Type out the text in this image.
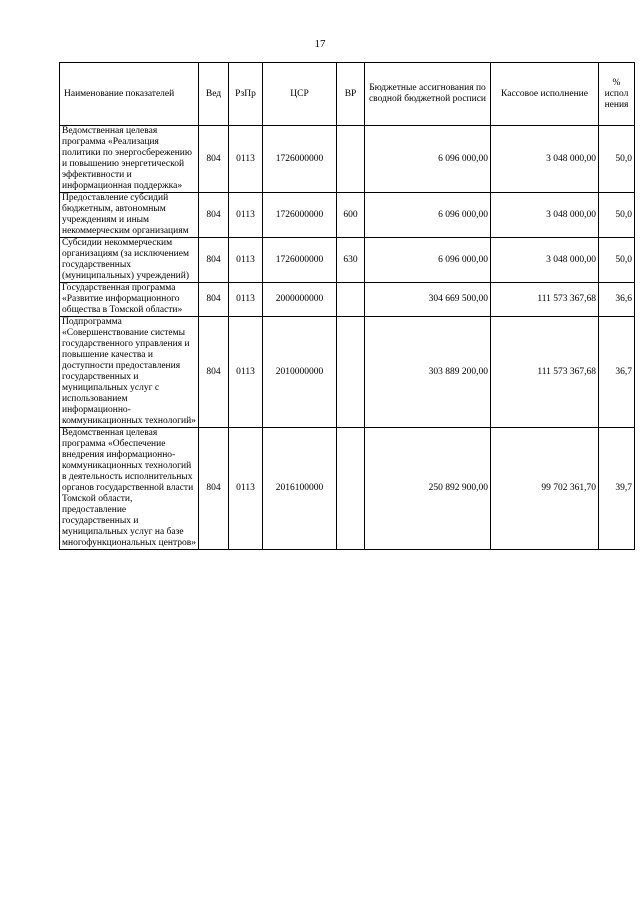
17
Наименование показателей	Вед	РзПр	ЦСР	ВР	Бюджетные ассигнования по сводной бюджетной росписи	Кассовое исполнение	% испол нения
Ведомственная целевая программа «Реализация политики по энергосбережению и повышению энергетической эффективности и информационная поддержка»	804	0113	1726000000		6 096 000,00	3 048 000,00	50,0
Предоставление субсидий бюджетным, автономным учреждениям и иным некоммерческим организациям	804	0113	1726000000	600	6 096 000,00	3 048 000,00	50,0
Субсидии некоммерческим организациям (за исключением государственных (муниципальных) учреждений)	804	0113	1726000000	630	6 096 000,00	3 048 000,00	50,0
Государственная программа «Развитие информационного общества в Томской области»	804	0113	2000000000		304 669 500,00	111 573 367,68	36,6
Подпрограмма «Совершенствование системы государственного управления и повышение качества и доступности предоставления государственных и муниципальных услуг с использованием информационно-коммуникационных технологий»	804	0113	2010000000		303 889 200,00	111 573 367,68	36,7
Ведомственная целевая программа «Обеспечение внедрения информационно-коммуникационных технологий в деятельность исполнительных органов государственной власти Томской области, предоставление государственных и муниципальных услуг на базе многофункциональных центров»	804	0113	2016100000		250 892 900,00	99 702 361,70	39,7
